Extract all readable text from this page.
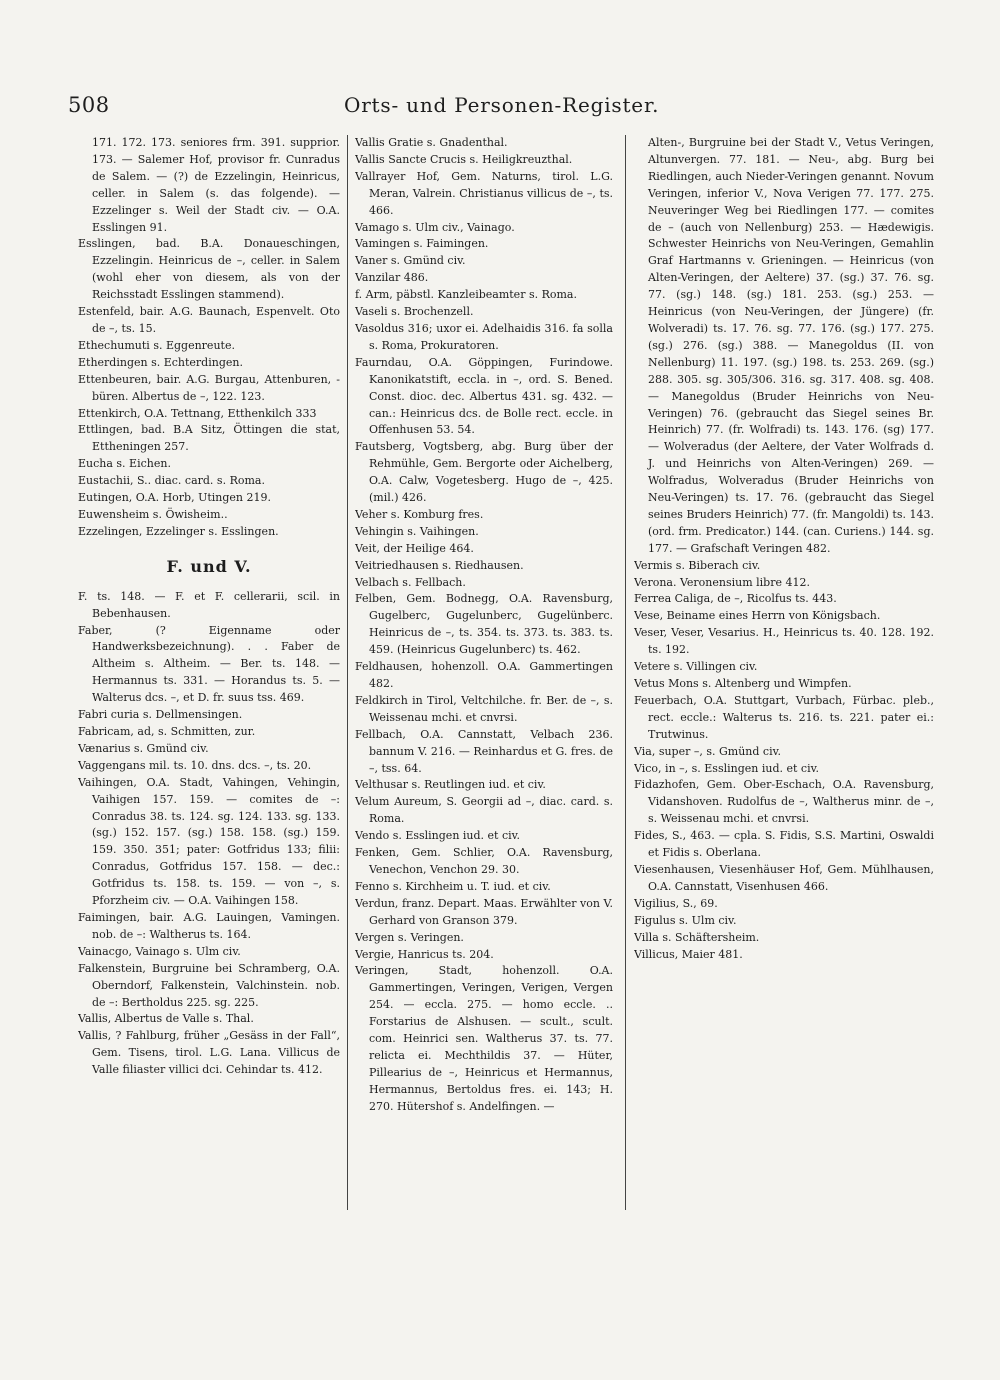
508	Orts- und Personen-Register.

171. 172. 173. seniores frm. 391. supprior. 173. — Salemer Hof, provisor fr. Cunradus de Salem. — (?) de Ezzelingin, Heinricus, celler. in Salem (s. das folgende). — Ezzelinger s. Weil der Stadt civ. — O.A. Esslingen 91.

Esslingen, bad. B.A. Donaueschingen, Ezzelingin. Heinricus de –, celler. in Salem (wohl eher von diesem, als von der Reichsstadt Esslingen stammend).

Estenfeld, bair. A.G. Baunach, Espenvelt. Oto de –, ts. 15.

Ethechumuti s. Eggenreute.

Etherdingen s. Echterdingen.

Ettenbeuren, bair. A.G. Burgau, Attenburen, -büren. Albertus de –, 122. 123.

Ettenkirch, O.A. Tettnang, Etthenkilch 333

Ettlingen, bad. B.A Sitz, Öttingen die stat, Ettheningen 257.

Eucha s. Eichen.

Eustachii, S.. diac. card. s. Roma.

Eutingen, O.A. Horb, Utingen 219.

Euwensheim s. Öwisheim..

Ezzelingen, Ezzelinger s. Esslingen.

F. und V.

F. ts. 148. — F. et F. cellerarii, scil. in Bebenhausen.

Faber, (? Eigenname oder Handwerksbezeichnung). . . Faber de Altheim s. Altheim. — Ber. ts. 148. — Hermannus ts. 331. — Horandus ts. 5. — Walterus dcs. –, et D. fr. suus tss. 469.

Fabri curia s. Dellmensingen.

Fabricam, ad, s. Schmitten, zur.

Vænarius s. Gmünd civ.

Vaggengans mil. ts. 10. dns. dcs. –, ts. 20.

Vaihingen, O.A. Stadt, Vahingen, Vehingin, Vaihigen 157. 159. — comites de –: Conradus 38. ts. 124. sg. 124. 133. sg. 133. (sg.) 152. 157. (sg.) 158. 158. (sg.) 159. 159. 350. 351; pater: Gotfridus 133; filii: Conradus, Gotfridus 157. 158. — dec.: Gotfridus ts. 158. ts. 159. — von –, s. Pforzheim civ. — O.A. Vaihingen 158.

Faimingen, bair. A.G. Lauingen, Vamingen. nob. de –: Waltherus ts. 164.

Vainacgo, Vainago s. Ulm civ.

Falkenstein, Burgruine bei Schramberg, O.A. Oberndorf, Falkenstein, Valchinstein. nob. de –: Bertholdus 225. sg. 225.

Vallis, Albertus de Valle s. Thal.

Vallis, ? Fahlburg, früher „Gesäss in der Fall“, Gem. Tisens, tirol. L.G. Lana. Villicus de Valle filiaster villici dci. Cehindar ts. 412.

Vallis Gratie s. Gnadenthal.

Vallis Sancte Crucis s. Heiligkreuzthal.

Vallrayer Hof, Gem. Naturns, tirol. L.G. Meran, Valrein. Christianus villicus de –, ts. 466.

Vamago s. Ulm civ., Vainago.

Vamingen s. Faimingen.

Vaner s. Gmünd civ.

Vanzilar 486.

f. Arm, päbstl. Kanzleibeamter s. Roma.

Vaseli s. Brochenzell.

Vasoldus 316; uxor ei. Adelhaidis 316. fa solla s. Roma, Prokuratoren.

Faurndau, O.A. Göppingen, Furindowe. Kanonikatstift, eccla. in –, ord. S. Bened. Const. dioc. dec. Albertus 431. sg. 432. — can.: Heinricus dcs. de Bolle rect. eccle. in Offenhusen 53. 54.

Fautsberg, Vogtsberg, abg. Burg über der Rehmühle, Gem. Bergorte oder Aichelberg, O.A. Calw, Vogetesberg. Hugo de –, 425. (mil.) 426.

Veher s. Komburg fres.

Vehingin s. Vaihingen.

Veit, der Heilige 464.

Veitriedhausen s. Riedhausen.

Velbach s. Fellbach.

Felben, Gem. Bodnegg, O.A. Ravensburg, Gugelberc, Gugelunberc, Gugelünberc. Heinricus de –, ts. 354. ts. 373. ts. 383. ts. 459. (Heinricus Gugelunberc) ts. 462.

Feldhausen, hohenzoll. O.A. Gammertingen 482.

Feldkirch in Tirol, Veltchilche. fr. Ber. de –, s. Weissenau mchi. et cnvrsi.

Fellbach, O.A. Cannstatt, Velbach 236. bannum V. 216. — Reinhardus et G. fres. de –, tss. 64.

Velthusar s. Reutlingen iud. et civ.

Velum Aureum, S. Georgii ad –, diac. card. s. Roma.

Vendo s. Esslingen iud. et civ.

Fenken, Gem. Schlier, O.A. Ravensburg, Venechon, Venchon 29. 30.

Fenno s. Kirchheim u. T. iud. et civ.

Verdun, franz. Depart. Maas. Erwählter von V. Gerhard von Granson 379.

Vergen s. Veringen.

Vergie, Hanricus ts. 204.

Veringen, Stadt, hohenzoll. O.A. Gammertingen, Veringen, Verigen, Vergen 254. — eccla. 275. — homo eccle. .. Forstarius de Alshusen. — scult., scult. com. Heinrici sen. Waltherus 37. ts. 77. relicta ei. Mechthildis 37. — Hüter, Pillearius de –, Heinricus et Hermannus, Hermannus, Bertoldus fres. ei. 143; H. 270. Hütershof s. Andelfingen. —

Alten-, Burgruine bei der Stadt V., Vetus Veringen, Altunvergen. 77. 181. — Neu-, abg. Burg bei Riedlingen, auch Nieder-Veringen genannt. Novum Veringen, inferior V., Nova Verigen 77. 177. 275. Neuveringer Weg bei Riedlingen 177. — comites de – (auch von Nellenburg) 253. — Hædewigis. Schwester Heinrichs von Neu-Veringen, Gemahlin Graf Hartmanns v. Grieningen. — Heinricus (von Alten-Veringen, der Aeltere) 37. (sg.) 37. 76. sg. 77. (sg.) 148. (sg.) 181. 253. (sg.) 253. — Heinricus (von Neu-Veringen, der Jüngere) (fr. Wolveradi) ts. 17. 76. sg. 77. 176. (sg.) 177. 275. (sg.) 276. (sg.) 388. — Manegoldus (II. von Nellenburg) 11. 197. (sg.) 198. ts. 253. 269. (sg.) 288. 305. sg. 305/306. 316. sg. 317. 408. sg. 408. — Manegoldus (Bruder Heinrichs von Neu-Veringen) 76. (gebraucht das Siegel seines Br. Heinrich) 77. (fr. Wolfradi) ts. 143. 176. (sg) 177. — Wolveradus (der Aeltere, der Vater Wolfrads d. J. und Heinrichs von Alten-Veringen) 269. — Wolfradus, Wolveradus (Bruder Heinrichs von Neu-Veringen) ts. 17. 76. (gebraucht das Siegel seines Bruders Heinrich) 77. (fr. Mangoldi) ts. 143. (ord. frm. Predicator.) 144. (can. Curiens.) 144. sg. 177. — Grafschaft Veringen 482.

Vermis s. Biberach civ.

Verona. Veronensium libre 412.

Ferrea Caliga, de –, Ricolfus ts. 443.

Vese, Beiname eines Herrn von Königsbach.

Veser, Veser, Vesarius. H., Heinricus ts. 40. 128. 192. ts. 192.

Vetere s. Villingen civ.

Vetus Mons s. Altenberg und Wimpfen.

Feuerbach, O.A. Stuttgart, Vurbach, Fürbac. pleb., rect. eccle.: Walterus ts. 216. ts. 221. pater ei.: Trutwinus.

Via, super –, s. Gmünd civ.

Vico, in –, s. Esslingen iud. et civ.

Fidazhofen, Gem. Ober-Eschach, O.A. Ravensburg, Vidanshoven. Rudolfus de –, Waltherus minr. de –, s. Weissenau mchi. et cnvrsi.

Fides, S., 463. — cpla. S. Fidis, S.S. Martini, Oswaldi et Fidis s. Oberlana.

Viesenhausen, Viesenhäuser Hof, Gem. Mühlhausen, O.A. Cannstatt, Visenhusen 466.

Vigilius, S., 69.

Figulus s. Ulm civ.

Villa s. Schäftersheim.

Villicus, Maier 481.
